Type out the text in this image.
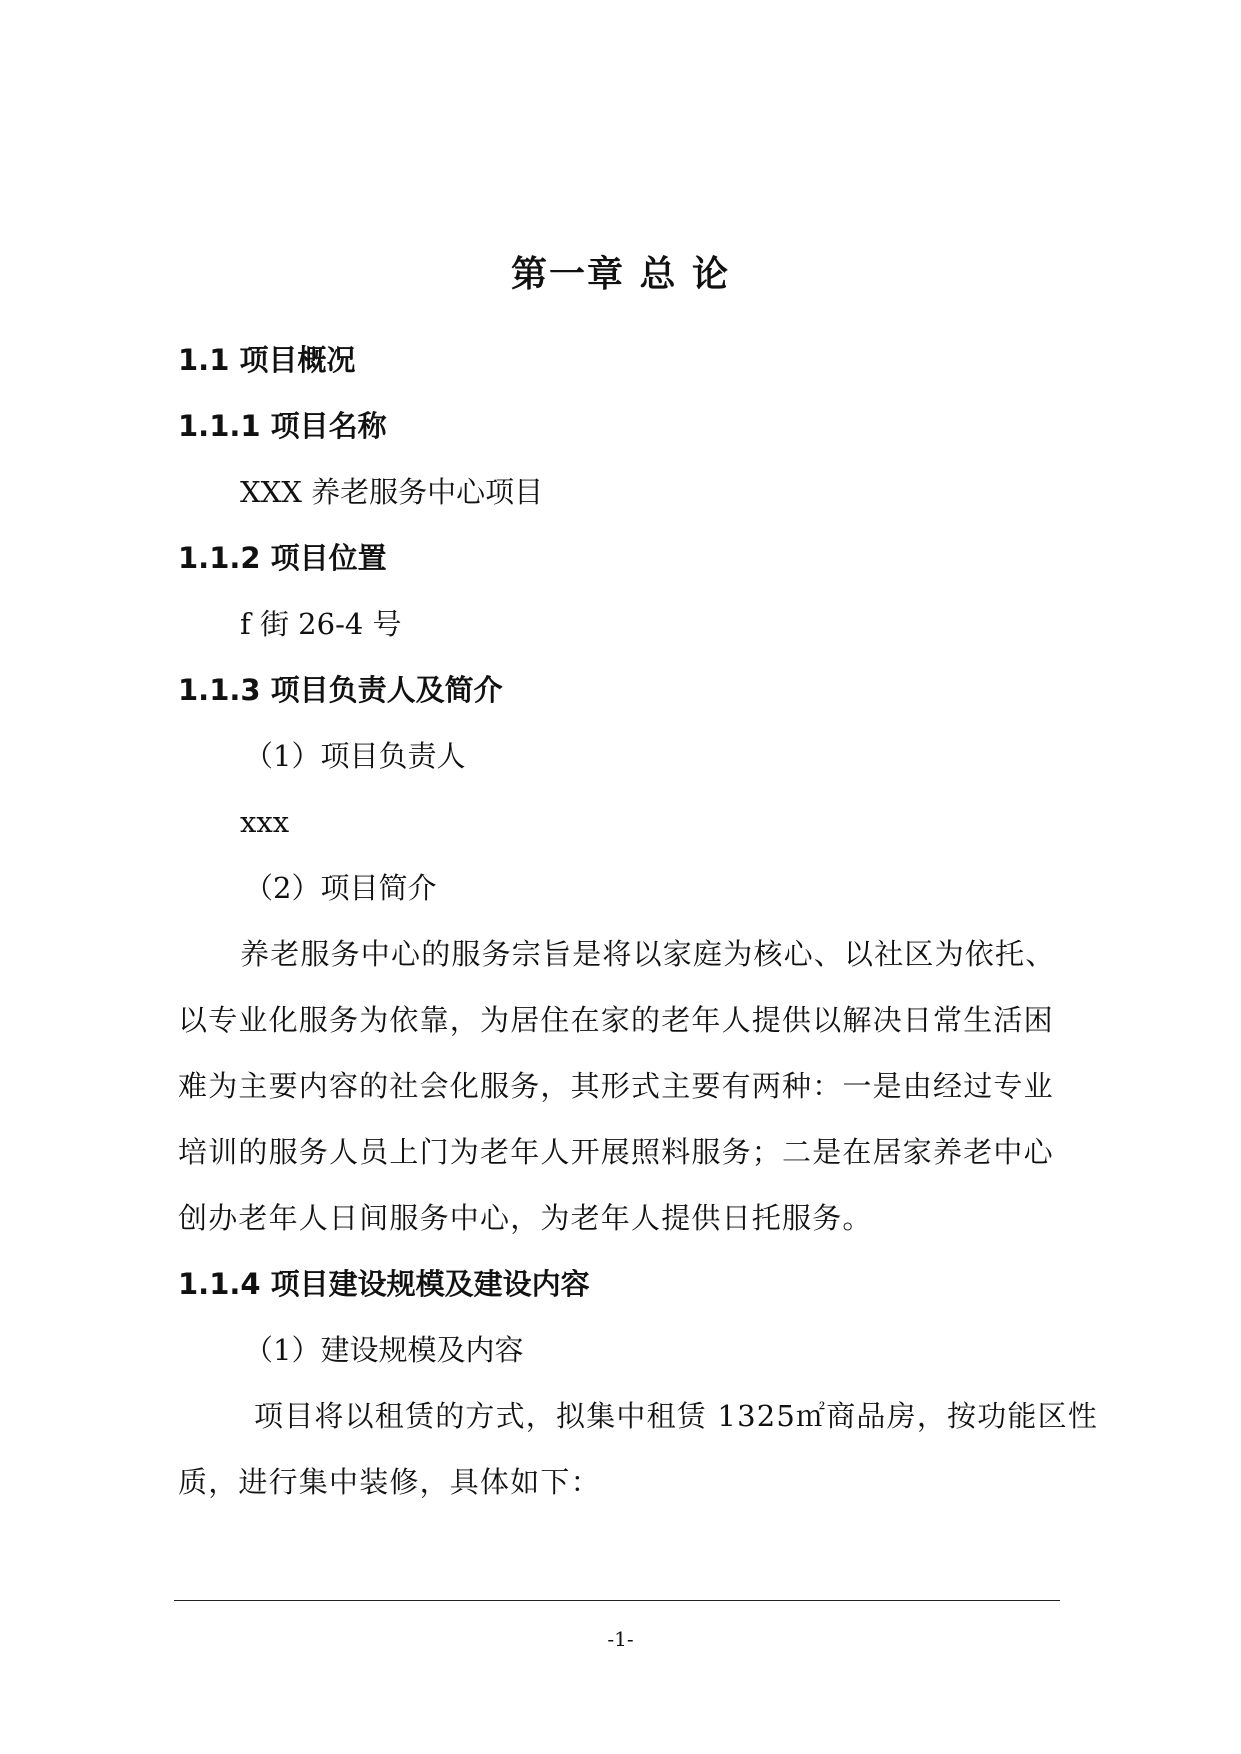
第一章 总 论
1.1 项目概况
1.1.1 项目名称

XXX 养老服务中心项目

1.1.2 项目位置

f 街 26-4 号

1.1.3 项目负责人及简介

（1）项目负责人

xxx

（2）项目简介

养老服务中心的服务宗旨是将以家庭为核心、以社区为依托、

以专业化服务为依靠，为居住在家的老年人提供以解决日常生活困

难为主要内容的社会化服务，其形式主要有两种：一是由经过专业

培训的服务人员上门为老年人开展照料服务；二是在居家养老中心

创办老年人日间服务中心，为老年人提供日托服务。

1.1.4 项目建设规模及建设内容

（1）建设规模及内容

项目将以租赁的方式，拟集中租赁 1325㎡商品房，按功能区性

质，进行集中装修，具体如下：

-1-
